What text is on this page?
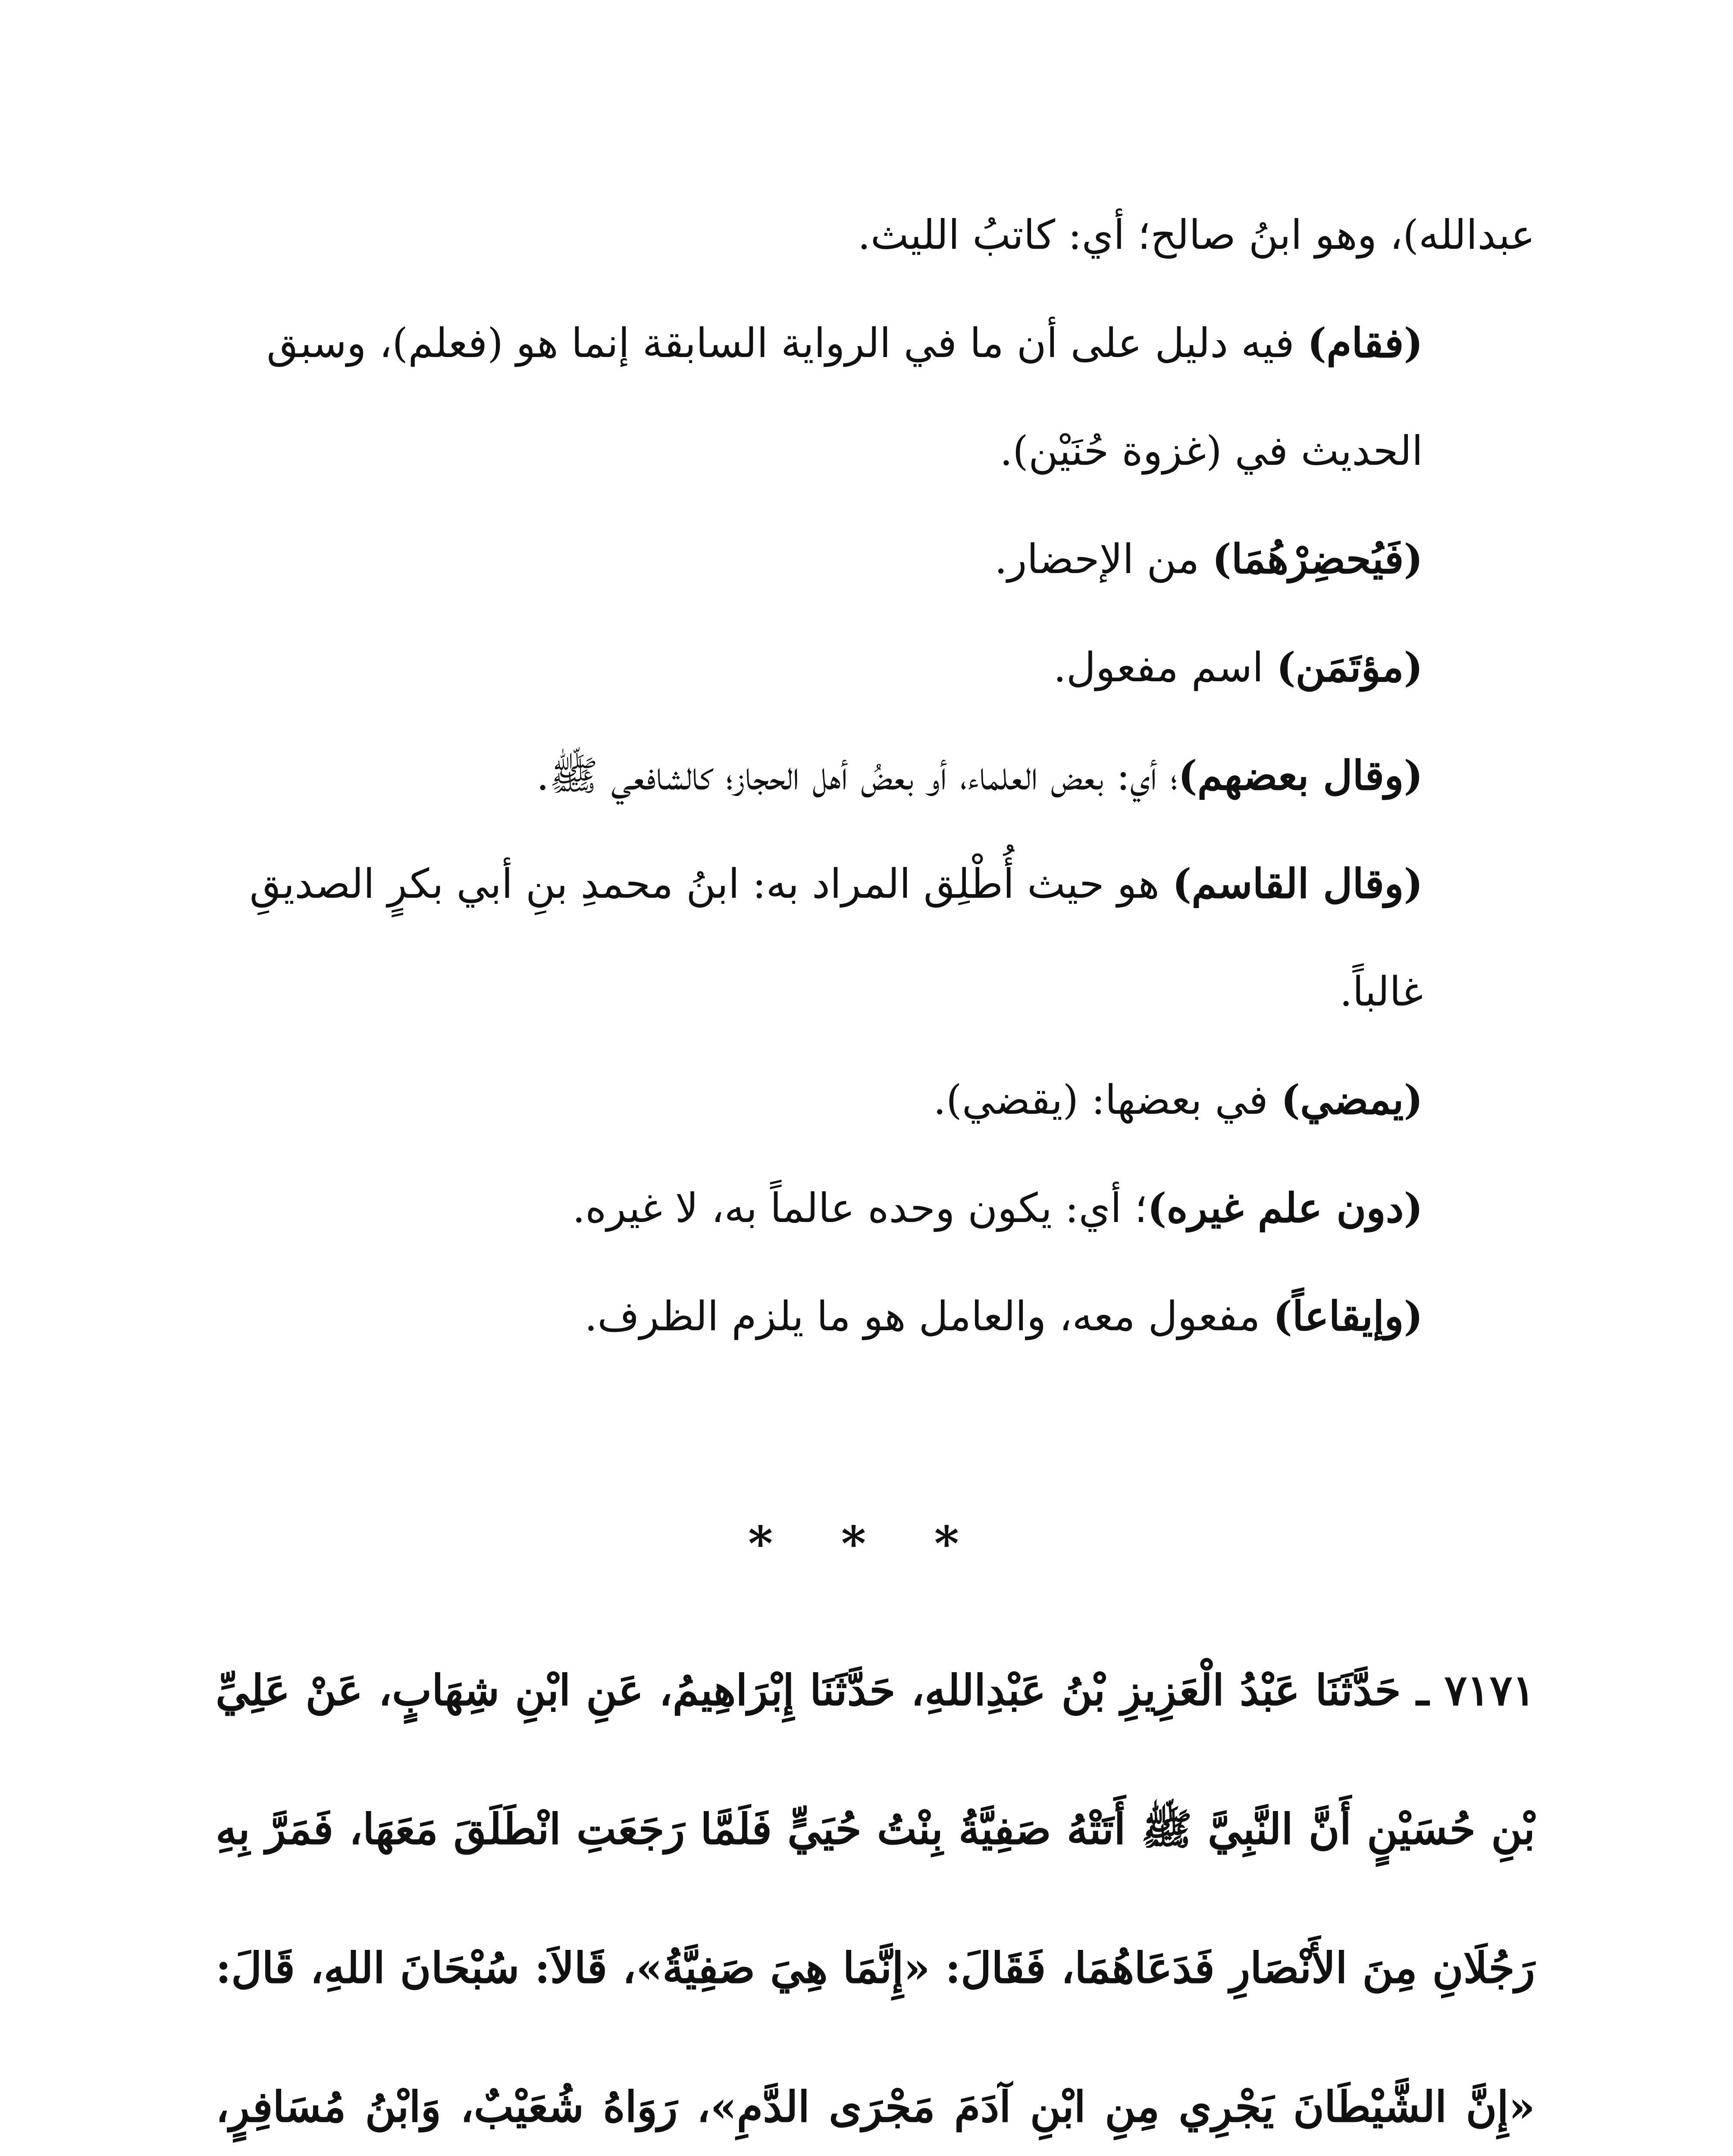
عبدالله)، وهو ابنُ صالح؛ أي: كاتبُ الليث.

(فقام) فيه دليل على أن ما في الرواية السابقة إنما هو (فعلم)، وسبق الحديث في (غزوة حُنَيْن).

(فَيُحضِرْهُمَا) من الإحضار.

(مؤتَمَن) اسم مفعول.

(وقال بعضهم)؛ أي: بعض العلماء، أو بعضُ أهل الحجاز؛ كالشافعي ﷺ.

(وقال القاسم) هو حيث أُطْلِق المراد به: ابنُ محمدِ بنِ أبي بكرٍ الصديقِ غالباً.

(يمضي) في بعضها: (يقضي).

(دون علم غيره)؛ أي: يكون وحده عالماً به، لا غيره.

(وإيقاعاً) مفعول معه، والعامل هو ما يلزم الظرف.

* * *

٧١٧١ ـ حَدَّثَنَا عَبْدُ الْعَزِيزِ بْنُ عَبْدِاللهِ، حَدَّثَنَا إِبْرَاهِيمُ، عَنِ ابْنِ شِهَابٍ، عَنْ عَلِيِّ بْنِ حُسَيْنٍ أَنَّ النَّبِيَّ ﷺ أَتَتْهُ صَفِيَّةُ بِنْتُ حُيَيٍّ فَلَمَّا رَجَعَتِ انْطَلَقَ مَعَهَا، فَمَرَّ بِهِ رَجُلَانِ مِنَ الأَنْصَارِ فَدَعَاهُمَا، فَقَالَ: «إِنَّمَا هِيَ صَفِيَّةُ»، قَالاَ: سُبْحَانَ اللهِ، قَالَ: «إِنَّ الشَّيْطَانَ يَجْرِي مِنِ ابْنِ آدَمَ مَجْرَى الدَّمِ»، رَوَاهُ شُعَيْبٌ، وَابْنُ مُسَافِرٍ،
